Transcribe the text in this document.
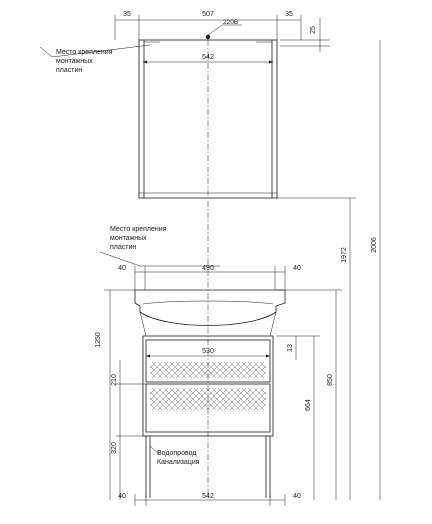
35	507	35
220В
542
25
Место крепления
монтажных
пластин
Место крепления
монтажных
пластин
40	490	40
530
Водопровод
Канализация
1250
210
320
2006
1972
850
664
13
40	542	40
